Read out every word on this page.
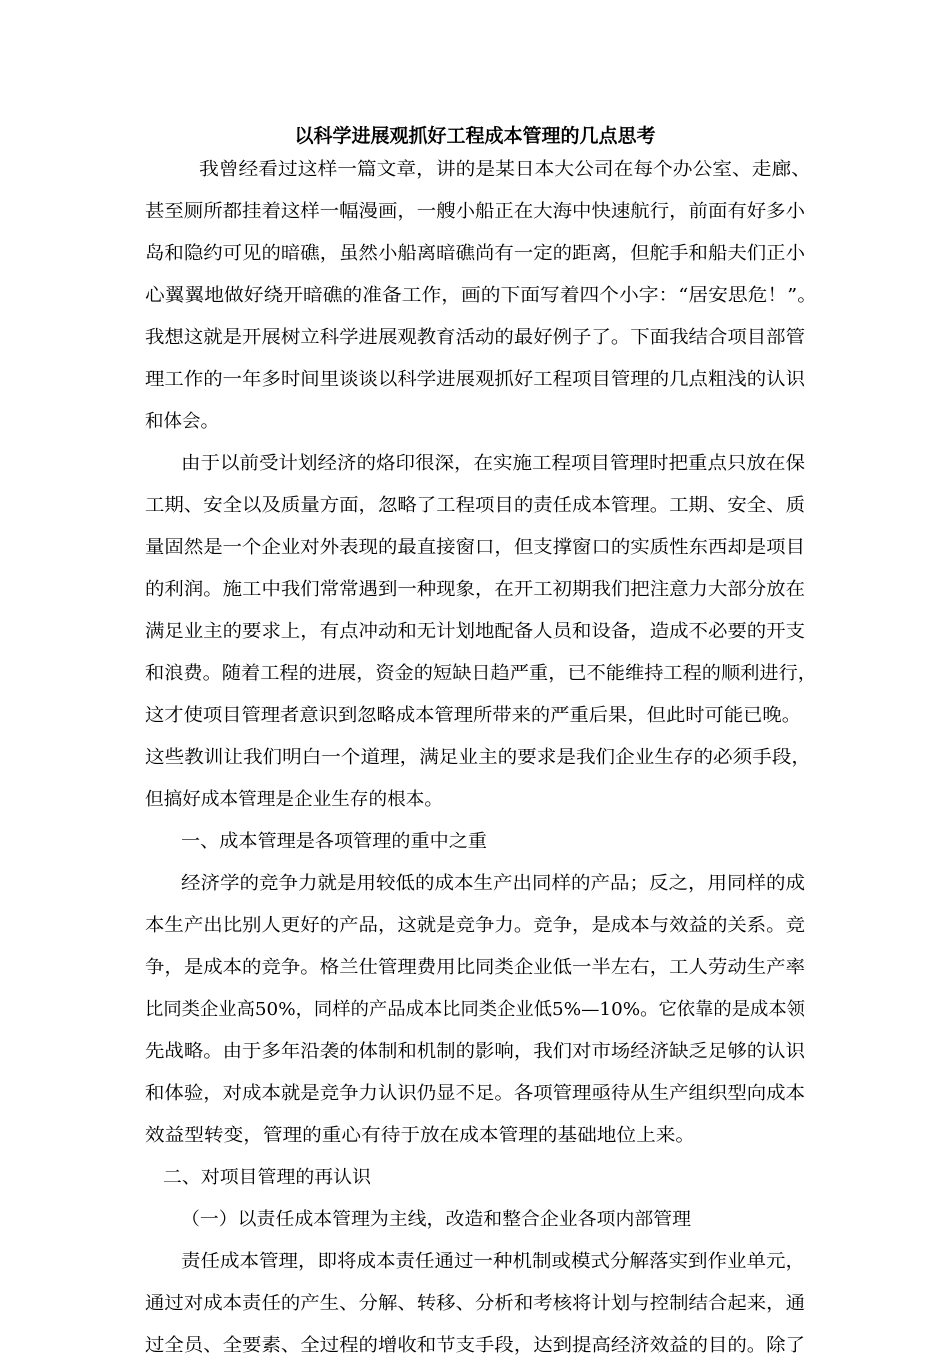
以科学进展观抓好工程成本管理的几点思考
我曾经看过这样一篇文章，讲的是某日本大公司在每个办公室、走廊、
甚至厕所都挂着这样一幅漫画，一艘小船正在大海中快速航行，前面有好多小
岛和隐约可见的暗礁，虽然小船离暗礁尚有一定的距离，但舵手和船夫们正小
心翼翼地做好绕开暗礁的准备工作，画的下面写着四个小字：“居安思危！”。
我想这就是开展树立科学进展观教育活动的最好例子了。下面我结合项目部管
理工作的一年多时间里谈谈以科学进展观抓好工程项目管理的几点粗浅的认识
和体会。
由于以前受计划经济的烙印很深，在实施工程项目管理时把重点只放在保
工期、安全以及质量方面，忽略了工程项目的责任成本管理。工期、安全、质
量固然是一个企业对外表现的最直接窗口，但支撑窗口的实质性东西却是项目
的利润。施工中我们常常遇到一种现象，在开工初期我们把注意力大部分放在
满足业主的要求上，有点冲动和无计划地配备人员和设备，造成不必要的开支
和浪费。随着工程的进展，资金的短缺日趋严重，已不能维持工程的顺利进行，
这才使项目管理者意识到忽略成本管理所带来的严重后果，但此时可能已晚。
这些教训让我们明白一个道理，满足业主的要求是我们企业生存的必须手段，
但搞好成本管理是企业生存的根本。
一、成本管理是各项管理的重中之重
经济学的竞争力就是用较低的成本生产出同样的产品；反之，用同样的成
本生产出比别人更好的产品，这就是竞争力。竞争，是成本与效益的关系。竞
争，是成本的竞争。格兰仕管理费用比同类企业低一半左右，工人劳动生产率
比同类企业高50%，同样的产品成本比同类企业低5%—10%。它依靠的是成本领
先战略。由于多年沿袭的体制和机制的影响，我们对市场经济缺乏足够的认识
和体验，对成本就是竞争力认识仍显不足。各项管理亟待从生产组织型向成本
效益型转变，管理的重心有待于放在成本管理的基础地位上来。
二、对项目管理的再认识
（一）以责任成本管理为主线，改造和整合企业各项内部管理
责任成本管理，即将成本责任通过一种机制或模式分解落实到作业单元，
通过对成本责任的产生、分解、转移、分析和考核将计划与控制结合起来，通
过全员、全要素、全过程的增收和节支手段，达到提高经济效益的目的。除了
